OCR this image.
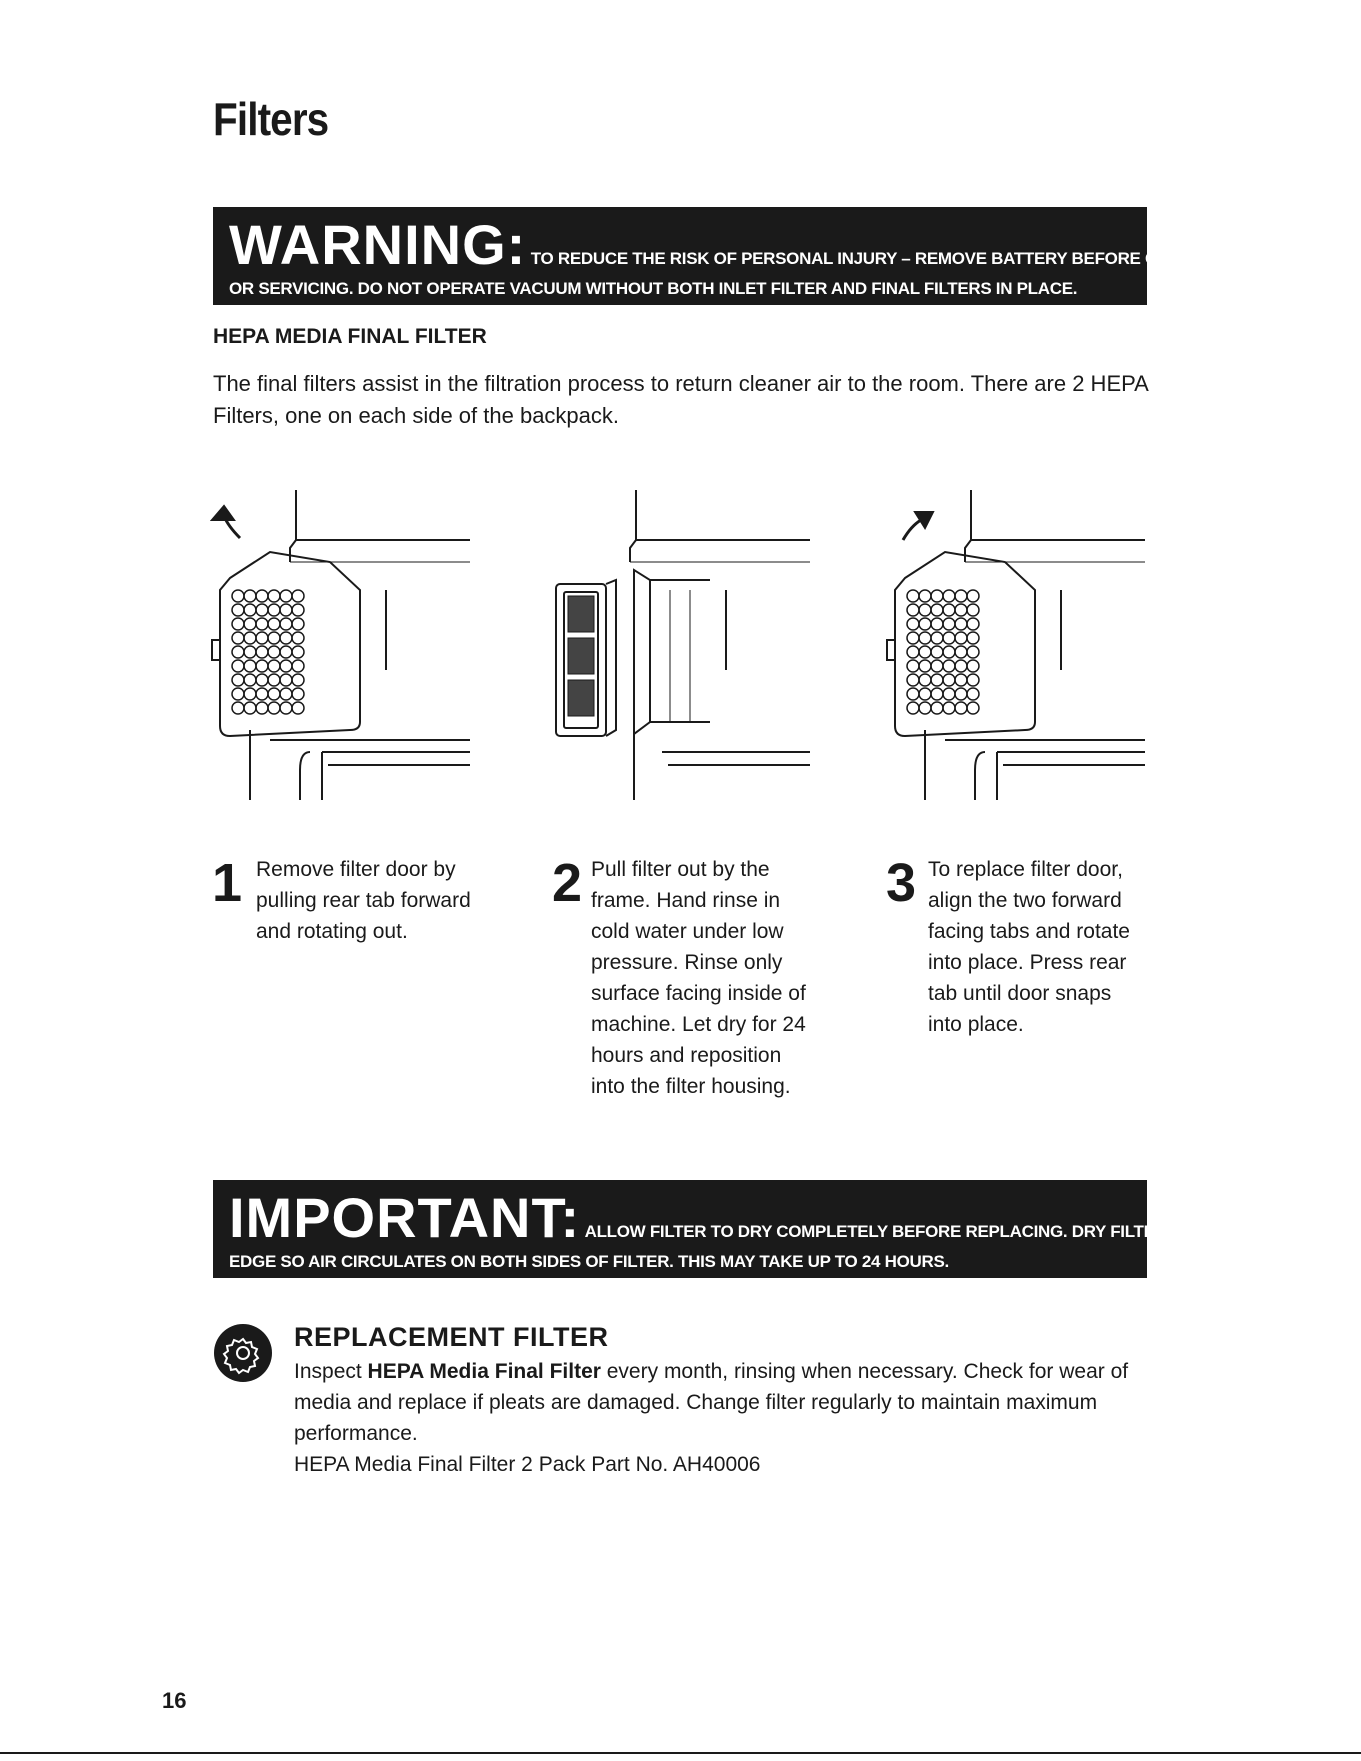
Filters
WARNING: TO REDUCE THE RISK OF PERSONAL INJURY – REMOVE BATTERY BEFORE CLEANING
OR SERVICING. DO NOT OPERATE VACUUM WITHOUT BOTH INLET FILTER AND FINAL FILTERS IN PLACE.
HEPA MEDIA FINAL FILTER
The final filters assist in the filtration process to return cleaner air to the room. There are 2 HEPA Filters, one on each side of the backpack.
1 Remove filter door by pulling rear tab forward and rotating out.
2 Pull filter out by the frame. Hand rinse in cold water under low pressure. Rinse only surface facing inside of machine. Let dry for 24 hours and reposition into the filter housing.
3 To replace filter door, align the two forward facing tabs and rotate into place. Press rear tab until door snaps into place.
IMPORTANT: ALLOW FILTER TO DRY COMPLETELY BEFORE REPLACING. DRY FILTER ON
EDGE SO AIR CIRCULATES ON BOTH SIDES OF FILTER. THIS MAY TAKE UP TO 24 HOURS.
REPLACEMENT FILTER
Inspect HEPA Media Final Filter every month, rinsing when necessary. Check for wear of media and replace if pleats are damaged. Change filter regularly to maintain maximum performance.
HEPA Media Final Filter 2 Pack Part No. AH40006
16
